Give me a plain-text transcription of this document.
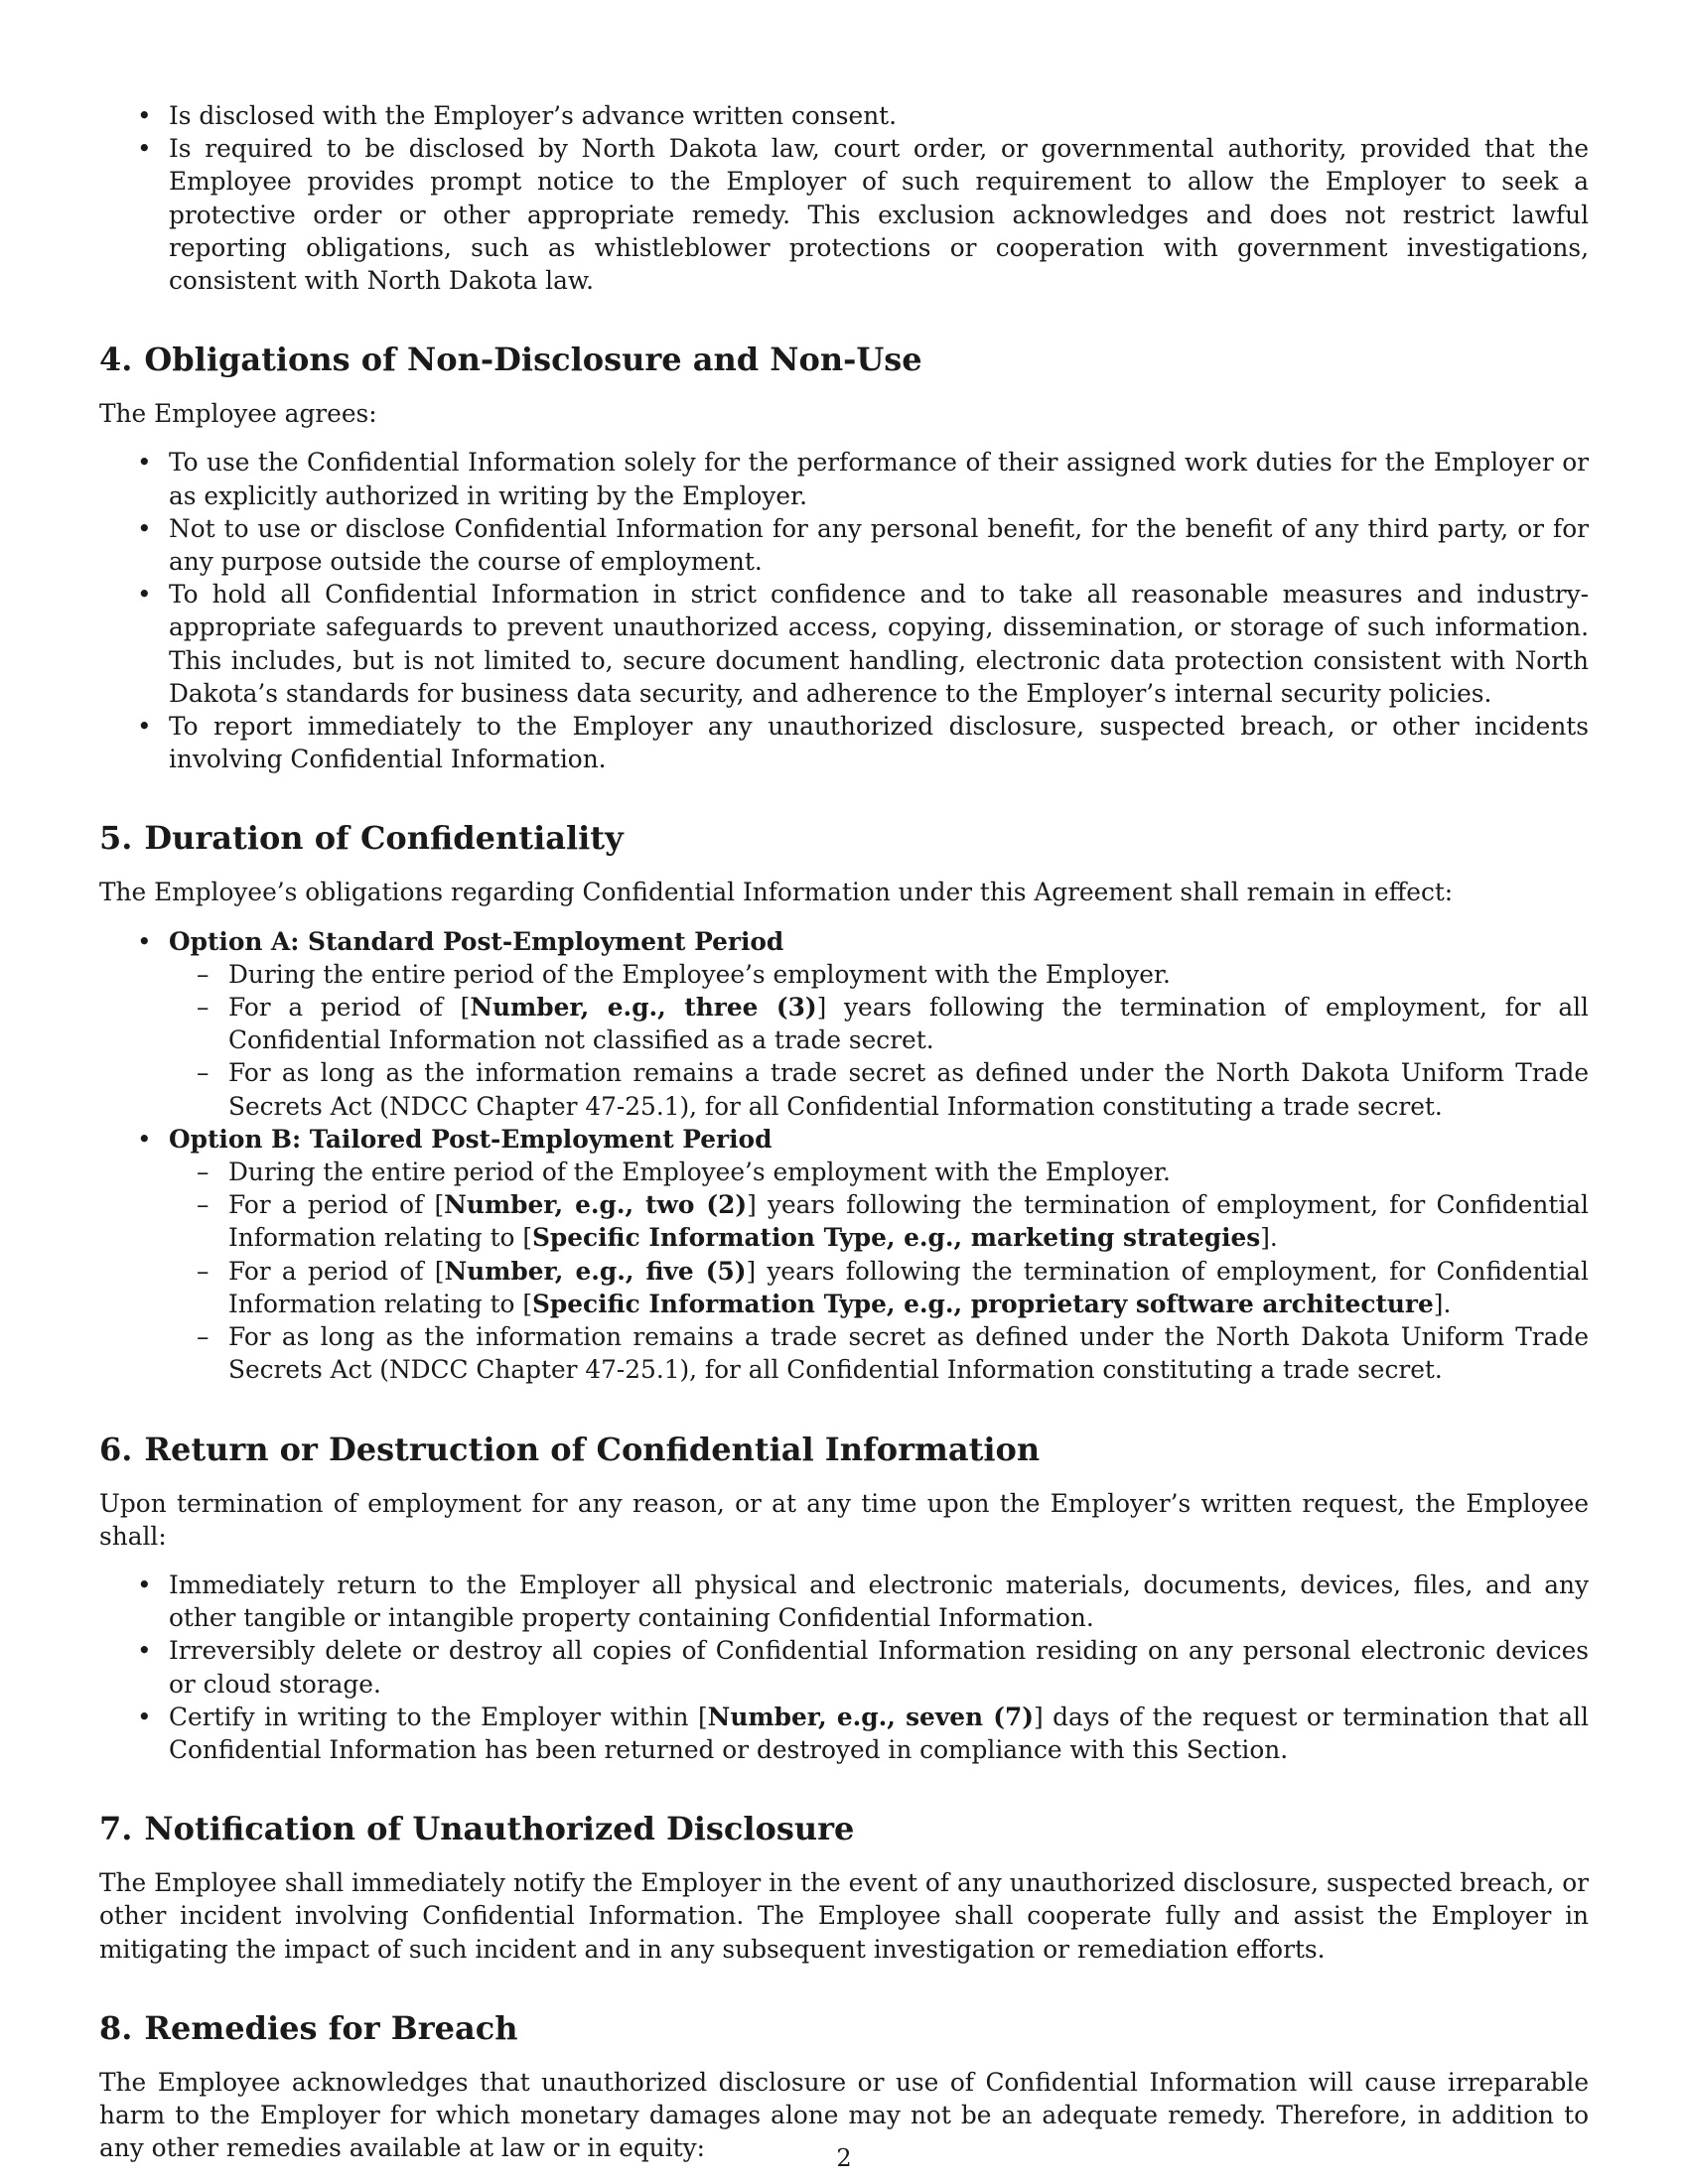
• Is disclosed with the Employer’s advance written consent.
• Is required to be disclosed by North Dakota law, court order, or governmental authority, provided that the Employee provides prompt notice to the Employer of such requirement to allow the Employer to seek a protective order or other appropriate remedy. This exclusion acknowledges and does not restrict lawful reporting obligations, such as whistleblower protections or cooperation with government investigations, consistent with North Dakota law.
4. Obligations of Non-Disclosure and Non-Use

The Employee agrees:

• To use the Confidential Information solely for the performance of their assigned work duties for the Employer or as explicitly authorized in writing by the Employer.
• Not to use or disclose Confidential Information for any personal benefit, for the benefit of any third party, or for any purpose outside the course of employment.
• To hold all Confidential Information in strict confidence and to take all reasonable measures and industry-appropriate safeguards to prevent unauthorized access, copying, dissemination, or storage of such information. This includes, but is not limited to, secure document handling, electronic data protection consistent with North Dakota’s standards for business data security, and adherence to the Employer’s internal security policies.
• To report immediately to the Employer any unauthorized disclosure, suspected breach, or other incidents involving Confidential Information.
5. Duration of Confidentiality

The Employee’s obligations regarding Confidential Information under this Agreement shall remain in effect:

• Option A: Standard Post-Employment Period
– During the entire period of the Employee’s employment with the Employer.
– For a period of [Number, e.g., three (3)] years following the termination of employment, for all Confidential Information not classified as a trade secret.
– For as long as the information remains a trade secret as defined under the North Dakota Uniform Trade Secrets Act (NDCC Chapter 47-25.1), for all Confidential Information constituting a trade secret.
• Option B: Tailored Post-Employment Period
– During the entire period of the Employee’s employment with the Employer.
– For a period of [Number, e.g., two (2)] years following the termination of employment, for Confidential Information relating to [Specific Information Type, e.g., marketing strategies].
– For a period of [Number, e.g., five (5)] years following the termination of employment, for Confidential Information relating to [Specific Information Type, e.g., proprietary software architecture].
– For as long as the information remains a trade secret as defined under the North Dakota Uniform Trade Secrets Act (NDCC Chapter 47-25.1), for all Confidential Information constituting a trade secret.
6. Return or Destruction of Confidential Information

Upon termination of employment for any reason, or at any time upon the Employer’s written request, the Employee shall:

• Immediately return to the Employer all physical and electronic materials, documents, devices, files, and any other tangible or intangible property containing Confidential Information.
• Irreversibly delete or destroy all copies of Confidential Information residing on any personal electronic devices or cloud storage.
• Certify in writing to the Employer within [Number, e.g., seven (7)] days of the request or termination that all Confidential Information has been returned or destroyed in compliance with this Section.
7. Notification of Unauthorized Disclosure

The Employee shall immediately notify the Employer in the event of any unauthorized disclosure, suspected breach, or other incident involving Confidential Information. The Employee shall cooperate fully and assist the Employer in mitigating the impact of such incident and in any subsequent investigation or remediation efforts.

8. Remedies for Breach

The Employee acknowledges that unauthorized disclosure or use of Confidential Information will cause irreparable harm to the Employer for which monetary damages alone may not be an adequate remedy. Therefore, in addition to any other remedies available at law or in equity:	2
